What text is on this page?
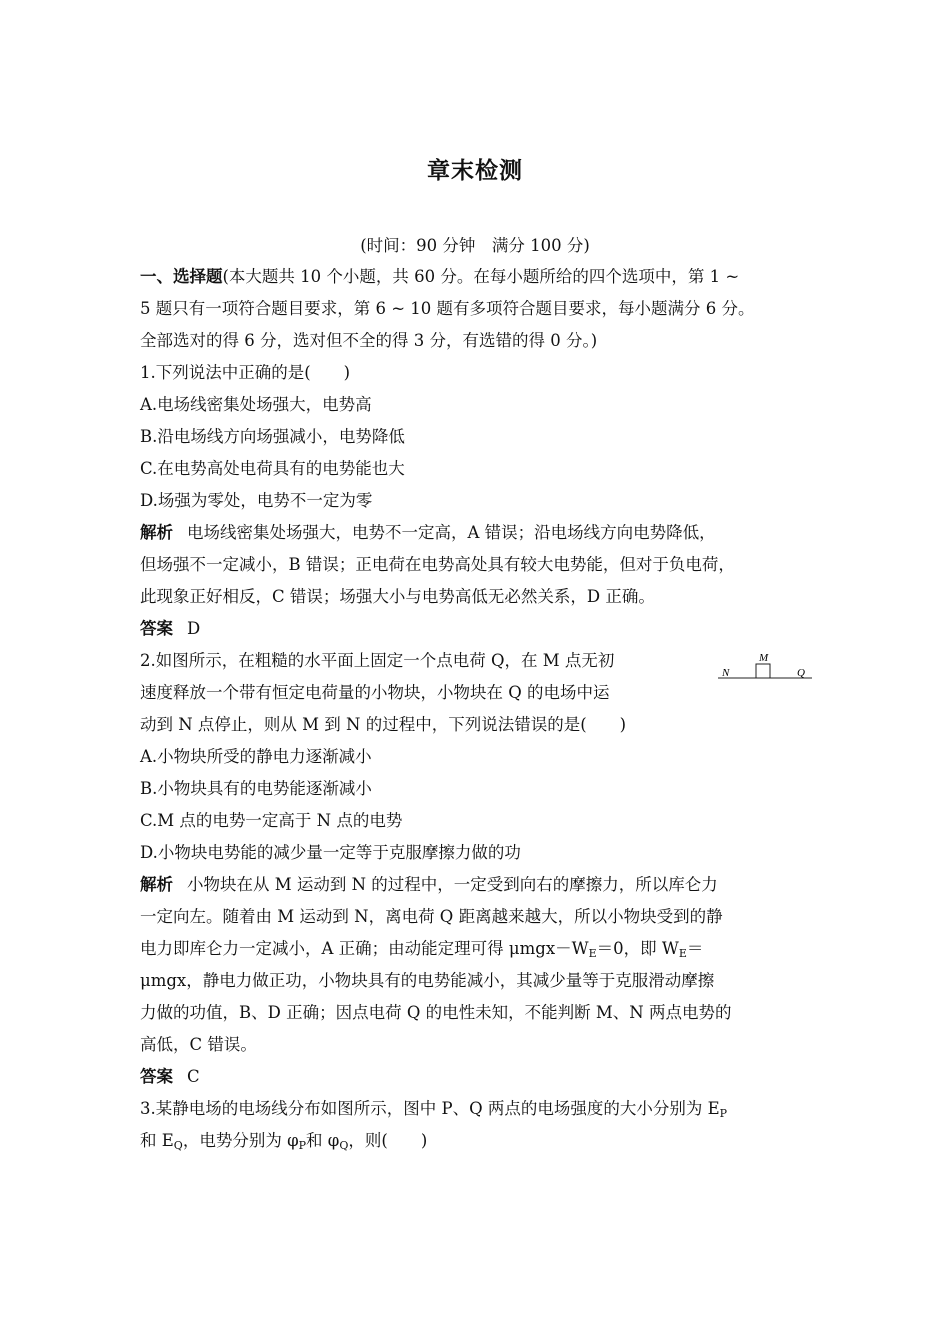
章末检测
(时间：90 分钟　满分 100 分)
一、选择题(本大题共 10 个小题，共 60 分。在每小题所给的四个选项中，第 1 ~
5 题只有一项符合题目要求，第 6 ~ 10 题有多项符合题目要求，每小题满分 6 分。
全部选对的得 6 分，选对但不全的得 3 分，有选错的得 0 分。)
1.下列说法中正确的是(　　)
A.电场线密集处场强大，电势高
B.沿电场线方向场强减小，电势降低
C.在电势高处电荷具有的电势能也大
D.场强为零处，电势不一定为零
解析 电场线密集处场强大，电势不一定高，A 错误；沿电场线方向电势降低，
但场强不一定减小，B 错误；正电荷在电势高处具有较大电势能，但对于负电荷，
此现象正好相反，C 错误；场强大小与电势高低无必然关系，D 正确。
答案 D
2.如图所示，在粗糙的水平面上固定一个点电荷 Q，在 M 点无初
速度释放一个带有恒定电荷量的小物块，小物块在 Q 的电场中运
动到 N 点停止，则从 M 到 N 的过程中，下列说法错误的是(　　)
N
M
Q
A.小物块所受的静电力逐渐减小
B.小物块具有的电势能逐渐减小
C.M 点的电势一定高于 N 点的电势
D.小物块电势能的减少量一定等于克服摩擦力做的功
解析 小物块在从 M 运动到 N 的过程中，一定受到向右的摩擦力，所以库仑力
一定向左。随着由 M 运动到 N，离电荷 Q 距离越来越大，所以小物块受到的静
电力即库仑力一定减小，A 正确；由动能定理可得 $\mu mgx-W_E=0$，即 $W_E=$
μmgx，静电力做正功，小物块具有的电势能减小，其减少量等于克服滑动摩擦
力做的功值，B、D 正确；因点电荷 Q 的电性未知，不能判断 M、N 两点电势的
高低，C 错误。
答案 C
3.某静电场的电场线分布如图所示，图中 P、Q 两点的电场强度的大小分别为 $E_P$
和 $E_Q$，电势分别为 $\varphi_P$和 $\varphi_Q$，则(　　)
